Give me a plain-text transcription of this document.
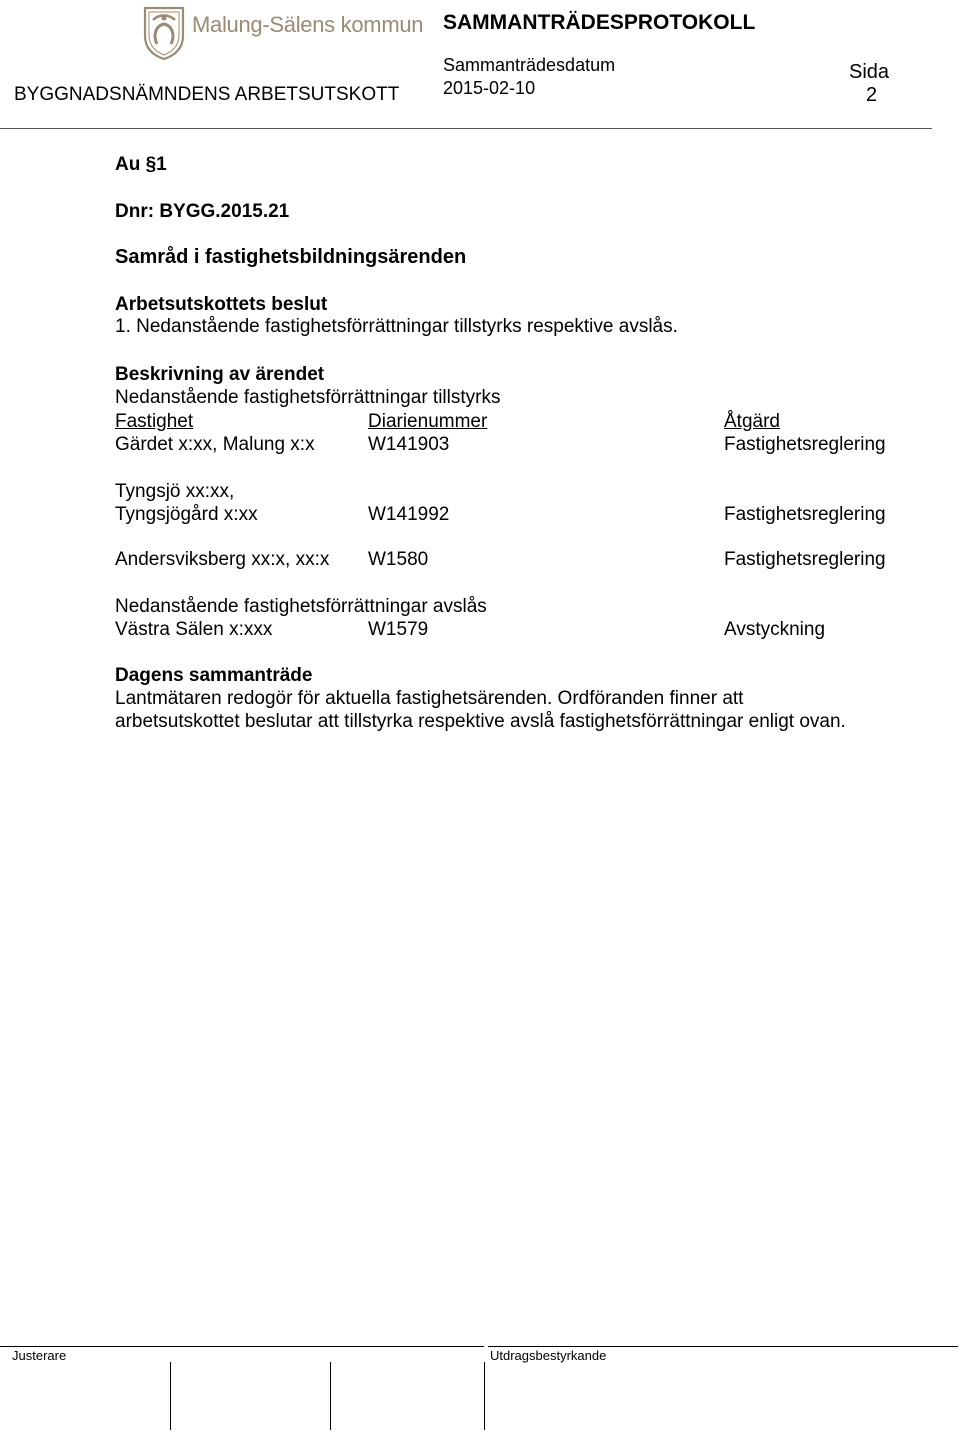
Malung-Sälens kommun SAMMANTRÄDESPROTOKOLL
Sammanträdesdatum
2015-02-10
BYGGNADSNÄMNDENS ARBETSUTSKOTT
Sida
2
Au §1
Dnr: BYGG.2015.21
Samråd i fastighetsbildningsärenden
Arbetsutskottets beslut
1. Nedanstående fastighetsförrättningar tillstyrks respektive avslås.
Beskrivning av ärendet
Nedanstående fastighetsförrättningar tillstyrks
Fastighet	Diarienummer	Åtgärd
Gärdet x:xx, Malung x:x	W141903	Fastighetsreglering
Tyngsjö xx:xx,
Tyngsjögård x:xx	W141992	Fastighetsreglering
Andersviksberg xx:x, xx:x W1580	Fastighetsreglering
Nedanstående fastighetsförrättningar avslås
Västra Sälen x:xxx	W1579	Avstyckning
Dagens sammanträde
Lantmätaren redogör för aktuella fastighetsärenden. Ordföranden finner att
arbetsutskottet beslutar att tillstyrka respektive avslå fastighetsförrättningar enligt ovan.
Justerare	Utdragsbestyrkande
